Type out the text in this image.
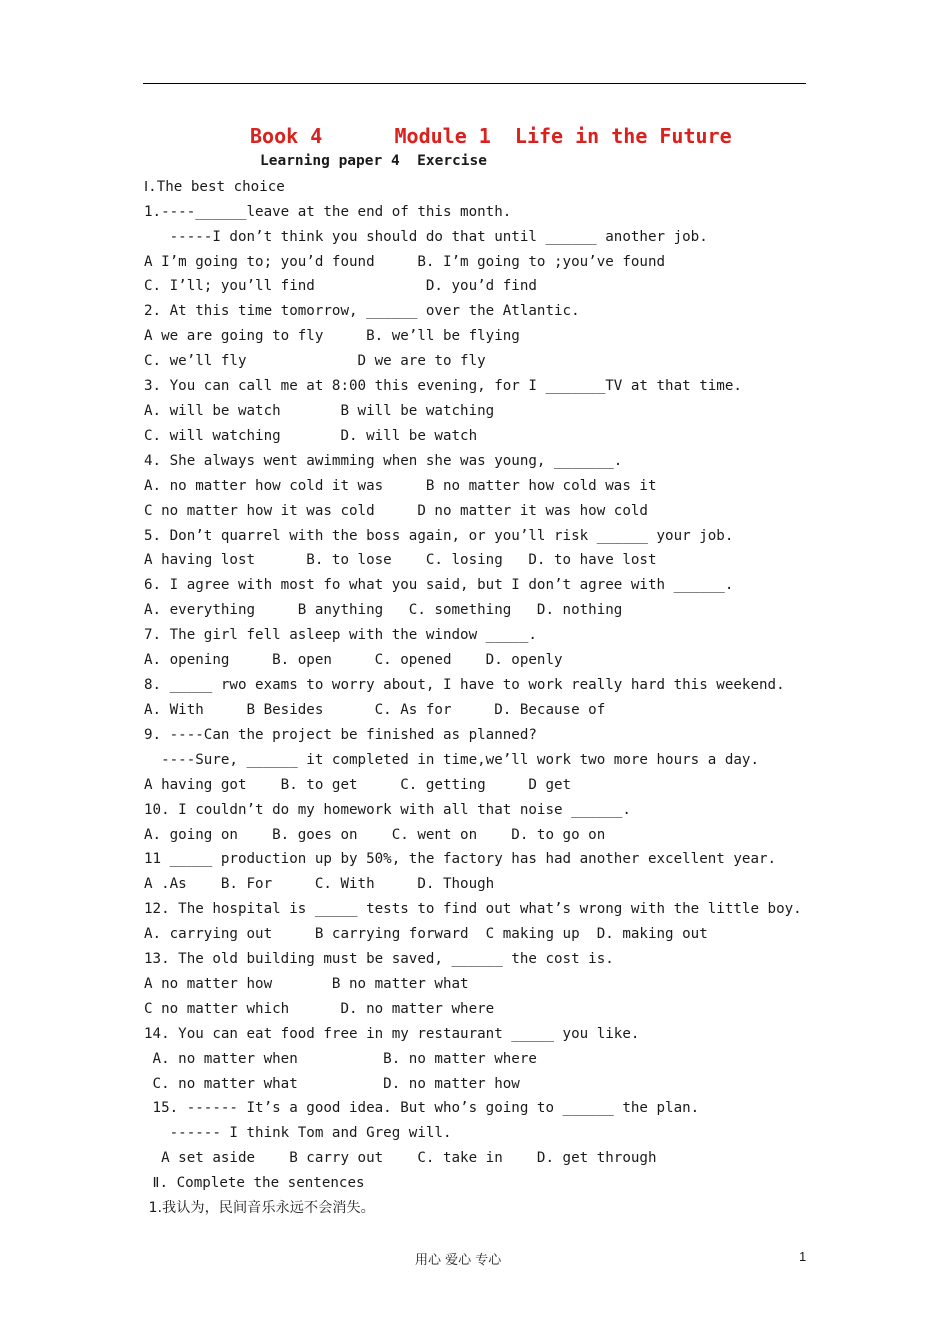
Book 4      Module 1  Life in the Future
Learning paper 4  Exercise
Ⅰ.The best choice
1.----______leave at the end of this month.
-----I don’t think you should do that until ______ another job.
A I’m going to; you’d found     B. I’m going to ;you’ve found
C. I’ll; you’ll find             D. you’d find
2. At this time tomorrow, ______ over the Atlantic.
A we are going to fly     B. we’ll be flying
C. we’ll fly             D we are to fly
3. You can call me at 8:00 this evening, for I _______TV at that time.
A. will be watch       B will be watching
C. will watching       D. will be watch
4. She always went awimming when she was young, _______.
A. no matter how cold it was     B no matter how cold was it
C no matter how it was cold     D no matter it was how cold
5. Don’t quarrel with the boss again, or you’ll risk ______ your job.
A having lost      B. to lose    C. losing   D. to have lost
6. I agree with most fo what you said, but I don’t agree with ______.
A. everything     B anything   C. something   D. nothing
7. The girl fell asleep with the window _____.
A. opening     B. open     C. opened    D. openly
8. _____ rwo exams to worry about, I have to work really hard this weekend.
A. With     B Besides      C. As for     D. Because of
9. ----Can the project be finished as planned?
----Sure, ______ it completed in time,we’ll work two more hours a day.
A having got    B. to get     C. getting     D get
10. I couldn’t do my homework with all that noise ______.
A. going on    B. goes on    C. went on    D. to go on
11 _____ production up by 50%, the factory has had another excellent year.
A .As    B. For     C. With     D. Though
12. The hospital is _____ tests to find out what’s wrong with the little boy.
A. carrying out     B carrying forward  C making up  D. making out
13. The old building must be saved, ______ the cost is.
A no matter how       B no matter what
C no matter which      D. no matter where
14. You can eat food free in my restaurant _____ you like.
A. no matter when          B. no matter where
C. no matter what          D. no matter how
15. ------ It’s a good idea. But who’s going to ______ the plan.
------ I think Tom and Greg will.
A set aside    B carry out    C. take in    D. get through
Ⅱ. Complete the sentences
1.我认为，民间音乐永远不会消失。
用心 爱心 专心	1
